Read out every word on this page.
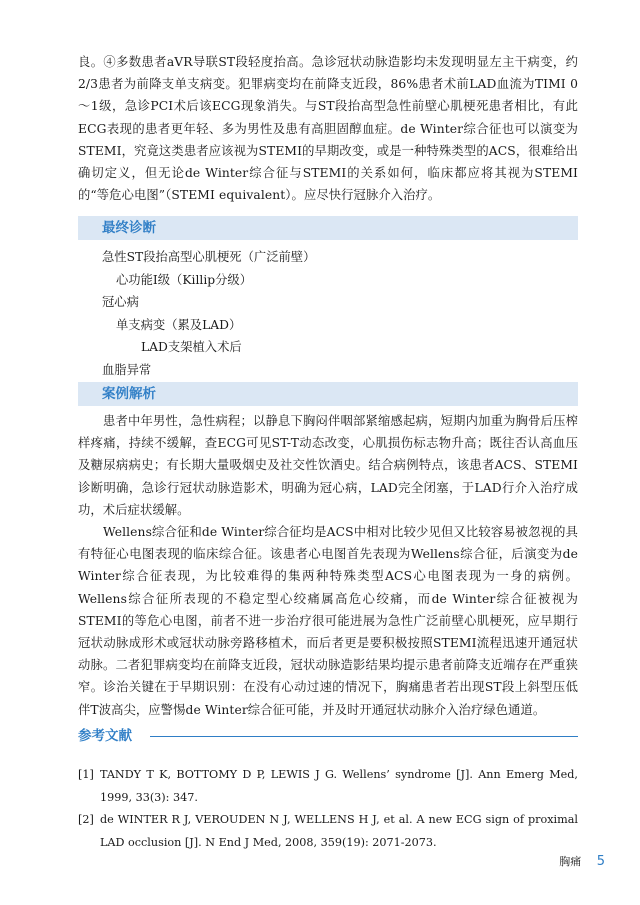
良。④多数患者aVR导联ST段轻度抬高。急诊冠状动脉造影均未发现明显左主干病变，约2/3患者为前降支单支病变。犯罪病变均在前降支近段，86%患者术前LAD血流为TIMI 0～1级，急诊PCI术后该ECG现象消失。与ST段抬高型急性前壁心肌梗死患者相比，有此ECG表现的患者更年轻、多为男性及患有高胆固醇血症。de Winter综合征也可以演变为STEMI，究竟这类患者应该视为STEMI的早期改变，或是一种特殊类型的ACS，很难给出确切定义，但无论de Winter综合征与STEMI的关系如何，临床都应将其视为STEMI的“等危心电图”（STEMI equivalent）。应尽快行冠脉介入治疗。

最终诊断
急性ST段抬高型心肌梗死（广泛前壁）
心功能Ⅰ级（Killip分级）
冠心病
单支病变（累及LAD）
LAD支架植入术后
血脂异常
案例解析

患者中年男性，急性病程；以静息下胸闷伴咽部紧缩感起病，短期内加重为胸骨后压榨样疼痛，持续不缓解，查ECG可见ST-T动态改变，心肌损伤标志物升高；既往否认高血压及糖尿病病史；有长期大量吸烟史及社交性饮酒史。结合病例特点，该患者ACS、STEMI诊断明确，急诊行冠状动脉造影术，明确为冠心病，LAD完全闭塞，于LAD行介入治疗成功，术后症状缓解。

Wellens综合征和de Winter综合征均是ACS中相对比较少见但又比较容易被忽视的具有特征心电图表现的临床综合征。该患者心电图首先表现为Wellens综合征，后演变为de Winter综合征表现，为比较难得的集两种特殊类型ACS心电图表现为一身的病例。Wellens综合征所表现的不稳定型心绞痛属高危心绞痛，而de Winter综合征被视为STEMI的等危心电图，前者不进一步治疗很可能进展为急性广泛前壁心肌梗死，应早期行冠状动脉成形术或冠状动脉旁路移植术，而后者更是要积极按照STEMI流程迅速开通冠状动脉。二者犯罪病变均在前降支近段，冠状动脉造影结果均提示患者前降支近端存在严重狭窄。诊治关键在于早期识别：在没有心动过速的情况下，胸痛患者若出现ST段上斜型压低伴T波高尖，应警惕de Winter综合征可能，并及时开通冠状动脉介入治疗绿色通道。

参考文献
[1] TANDY T K, BOTTOMY D P, LEWIS J G. Wellens’ syndrome [J]. Ann Emerg Med, 1999, 33(3): 347.
[2] de WINTER R J, VEROUDEN N J, WELLENS H J, et al. A new ECG sign of proximal LAD occlusion [J]. N End J Med, 2008, 359(19): 2071-2073.
胸痛 5
